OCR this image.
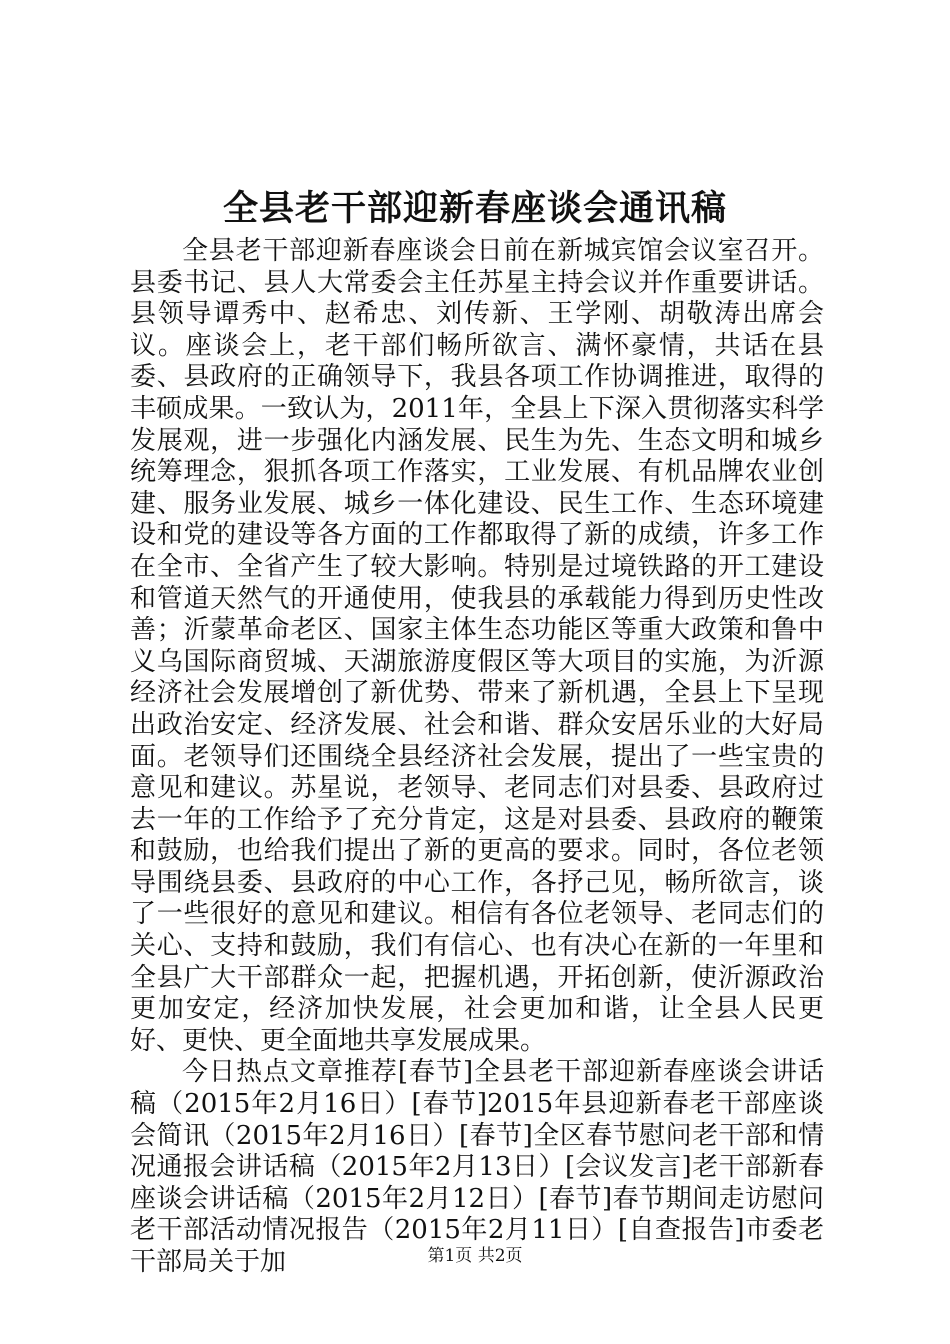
全县老干部迎新春座谈会通讯稿

全县老干部迎新春座谈会日前在新城宾馆会议室召开。县委书记、县人大常委会主任苏星主持会议并作重要讲话。县领导谭秀中、赵希忠、刘传新、王学刚、胡敬涛出席会议。座谈会上，老干部们畅所欲言、满怀豪情，共话在县委、县政府的正确领导下，我县各项工作协调推进，取得的丰硕成果。一致认为，2011年，全县上下深入贯彻落实科学发展观，进一步强化内涵发展、民生为先、生态文明和城乡统筹理念，狠抓各项工作落实，工业发展、有机品牌农业创建、服务业发展、城乡一体化建设、民生工作、生态环境建设和党的建设等各方面的工作都取得了新的成绩，许多工作在全市、全省产生了较大影响。特别是过境铁路的开工建设和管道天然气的开通使用，使我县的承载能力得到历史性改善；沂蒙革命老区、国家主体生态功能区等重大政策和鲁中义乌国际商贸城、天湖旅游度假区等大项目的实施，为沂源经济社会发展增创了新优势、带来了新机遇，全县上下呈现出政治安定、经济发展、社会和谐、群众安居乐业的大好局面。老领导们还围绕全县经济社会发展，提出了一些宝贵的意见和建议。苏星说，老领导、老同志们对县委、县政府过去一年的工作给予了充分肯定，这是对县委、县政府的鞭策和鼓励，也给我们提出了新的更高的要求。同时，各位老领导围绕县委、县政府的中心工作，各抒己见，畅所欲言，谈了一些很好的意见和建议。相信有各位老领导、老同志们的关心、支持和鼓励，我们有信心、也有决心在新的一年里和全县广大干部群众一起，把握机遇，开拓创新，使沂源政治更加安定，经济加快发展，社会更加和谐，让全县人民更好、更快、更全面地共享发展成果。

今日热点文章推荐[春节]全县老干部迎新春座谈会讲话稿（2015年2月16日）[春节]2015年县迎新春老干部座谈会简讯（2015年2月16日）[春节]全区春节慰问老干部和情况通报会讲话稿（2015年2月13日）[会议发言]老干部新春座谈会讲话稿（2015年2月12日）[春节]春节期间走访慰问老干部活动情况报告（2015年2月11日）[自查报告]市委老干部局关于加	第1页 共2页
